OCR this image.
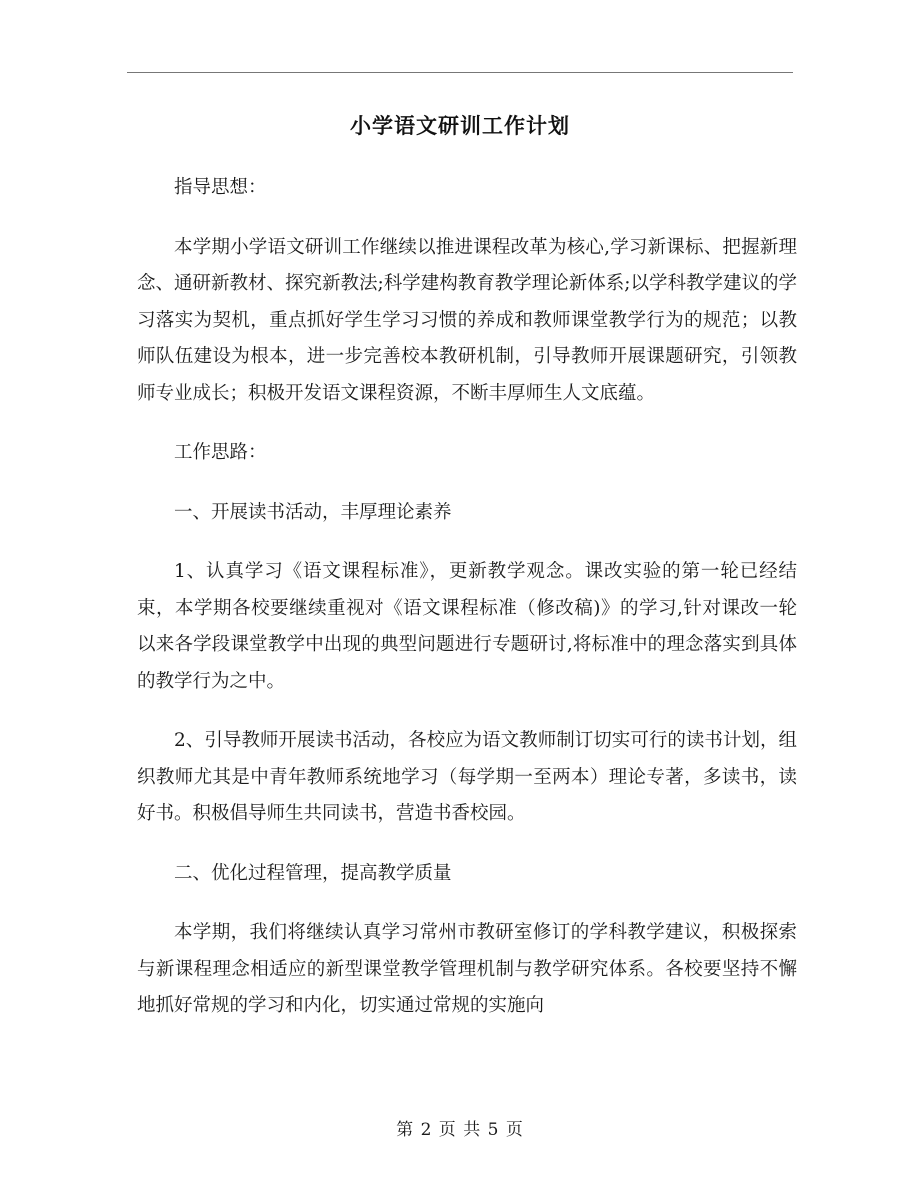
小学语文研训工作计划

指导思想：

本学期小学语文研训工作继续以推进课程改革为核心,学习新课标、把握新理念、通研新教材、探究新教法;科学建构教育教学理论新体系;以学科教学建议的学习落实为契机，重点抓好学生学习习惯的养成和教师课堂教学行为的规范；以教师队伍建设为根本，进一步完善校本教研机制，引导教师开展课题研究，引领教师专业成长；积极开发语文课程资源，不断丰厚师生人文底蕴。

工作思路：

一、开展读书活动，丰厚理论素养

1、认真学习《语文课程标准》，更新教学观念。课改实验的第一轮已经结束，本学期各校要继续重视对《语文课程标准（修改稿)》的学习,针对课改一轮以来各学段课堂教学中出现的典型问题进行专题研讨,将标准中的理念落实到具体的教学行为之中。

2、引导教师开展读书活动，各校应为语文教师制订切实可行的读书计划，组织教师尤其是中青年教师系统地学习（每学期一至两本）理论专著，多读书，读好书。积极倡导师生共同读书，营造书香校园。

二、优化过程管理，提高教学质量

本学期，我们将继续认真学习常州市教研室修订的学科教学建议，积极探索与新课程理念相适应的新型课堂教学管理机制与教学研究体系。各校要坚持不懈地抓好常规的学习和内化，切实通过常规的实施向

第 2 页 共 5 页
